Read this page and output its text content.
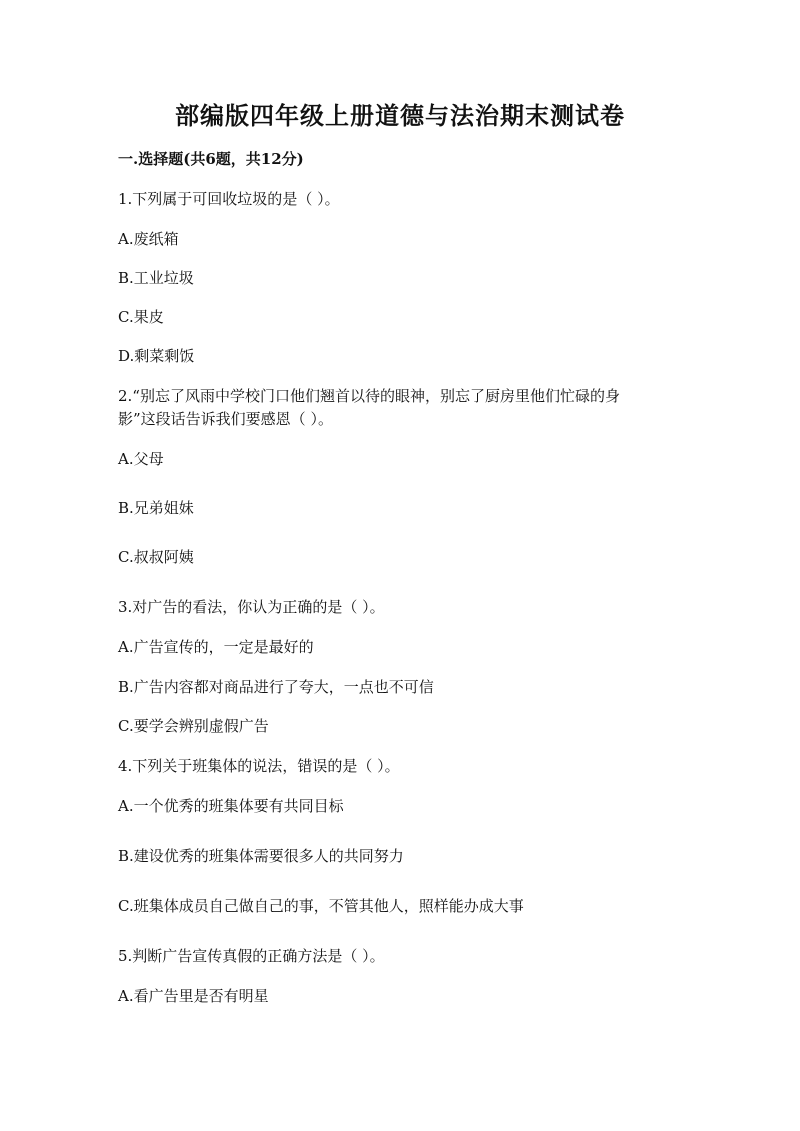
部编版四年级上册道德与法治期末测试卷
一.选择题(共6题，共12分)
1.下列属于可回收垃圾的是（ ）。
A.废纸箱
B.工业垃圾
C.果皮
D.剩菜剩饭
2.“别忘了风雨中学校门口他们翘首以待的眼神，别忘了厨房里他们忙碌的身
影”这段话告诉我们要感恩（ ）。
A.父母
B.兄弟姐妹
C.叔叔阿姨
3.对广告的看法，你认为正确的是（ ）。
A.广告宣传的，一定是最好的
B.广告内容都对商品进行了夸大，一点也不可信
C.要学会辨别虚假广告
4.下列关于班集体的说法，错误的是（ ）。
A.一个优秀的班集体要有共同目标
B.建设优秀的班集体需要很多人的共同努力
C.班集体成员自己做自己的事，不管其他人，照样能办成大事
5.判断广告宣传真假的正确方法是（ ）。
A.看广告里是否有明星
